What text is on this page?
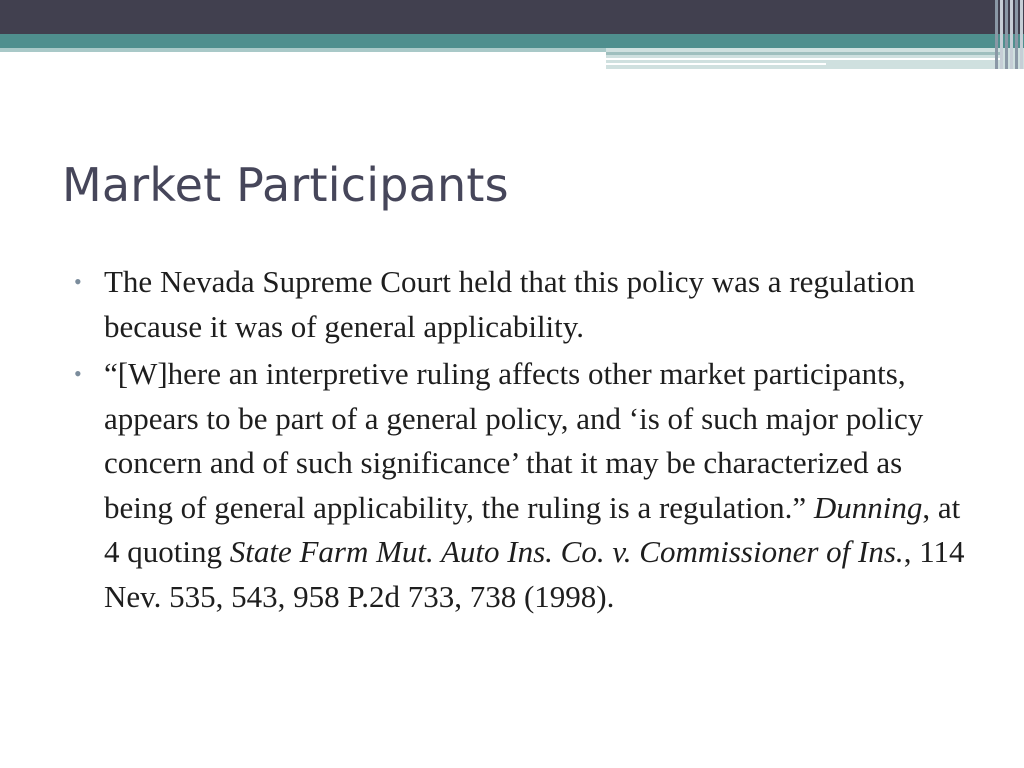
Market Participants
• The Nevada Supreme Court held that this policy was a regulation because it was of general applicability.
• “[W]here an interpretive ruling affects other market participants, appears to be part of a general policy, and ‘is of such major policy concern and of such significance’ that it may be characterized as being of general applicability, the ruling is a regulation.” Dunning, at 4 quoting State Farm Mut. Auto Ins. Co. v. Commissioner of Ins., 114 Nev. 535, 543, 958 P.2d 733, 738 (1998).
